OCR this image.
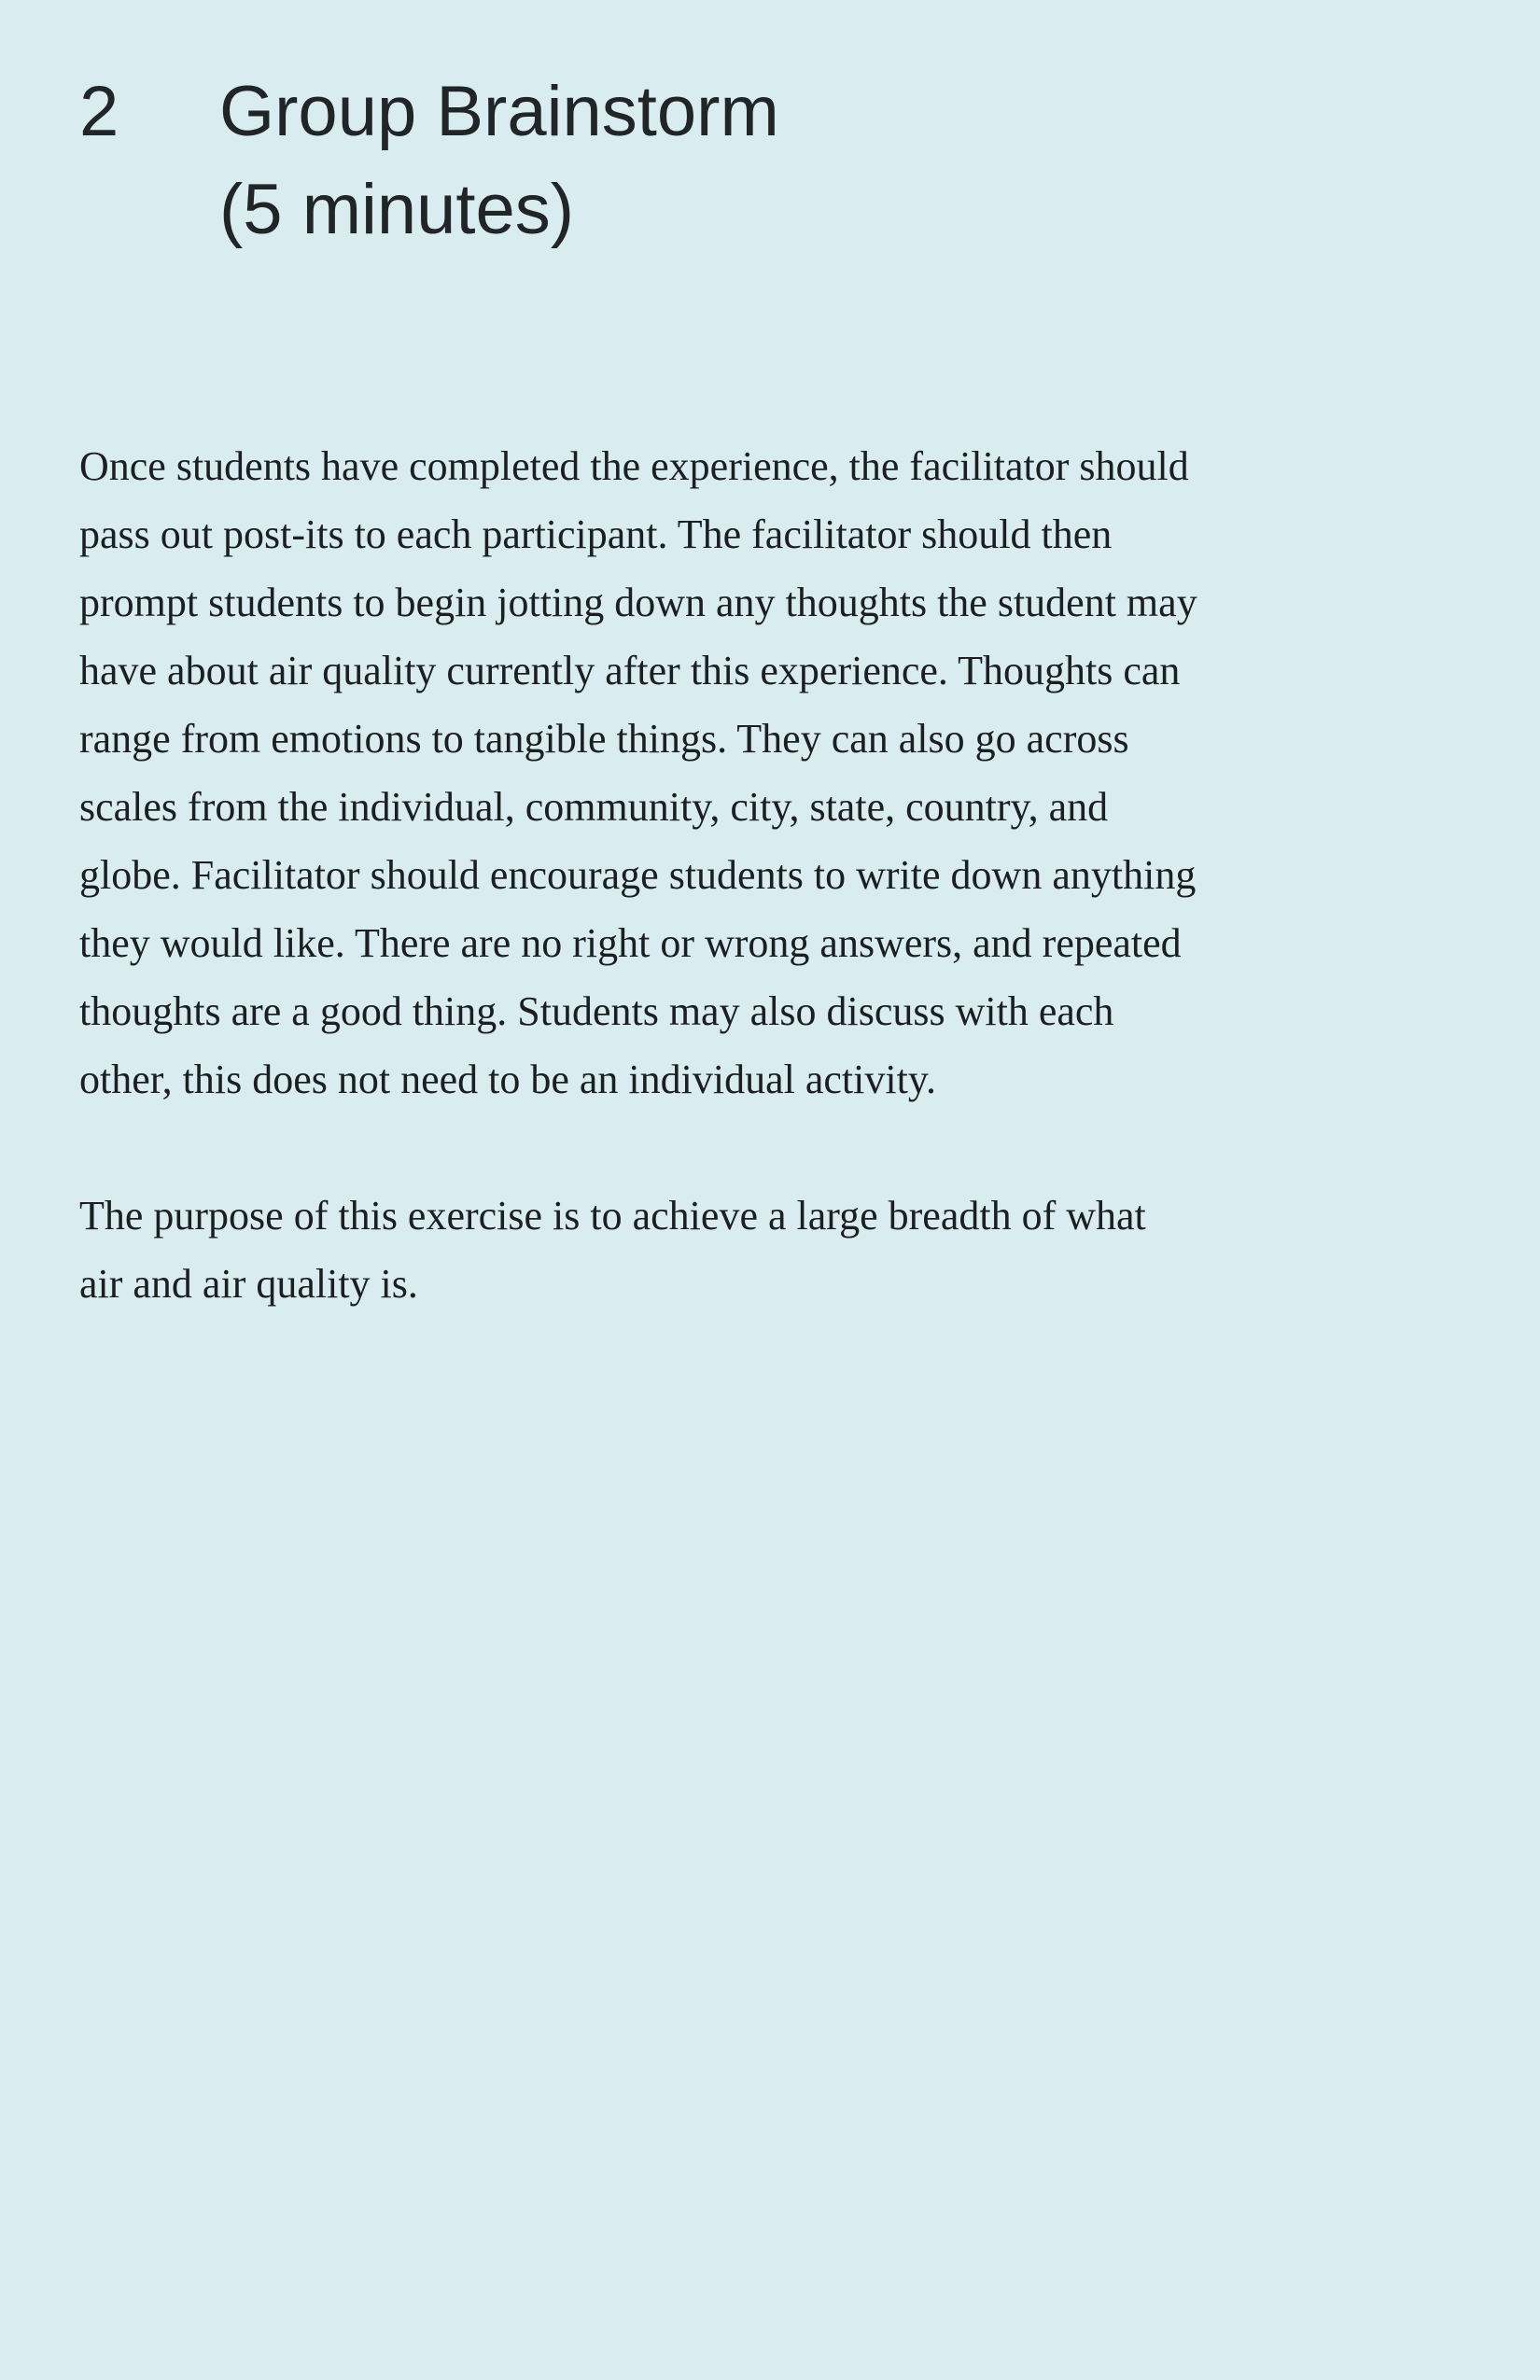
2	Group Brainstorm
(5 minutes)

Once students have completed the experience, the facilitator should pass out post-its to each participant. The facilitator should then prompt students to begin jotting down any thoughts the student may have about air quality currently after this experience. Thoughts can range from emotions to tangible things. They can also go across scales from the individual, community, city, state, country, and globe. Facilitator should encourage students to write down anything they would like. There are no right or wrong answers, and repeated thoughts are a good thing. Students may also discuss with each other, this does not need to be an individual activity.

The purpose of this exercise is to achieve a large breadth of what air and air quality is.
